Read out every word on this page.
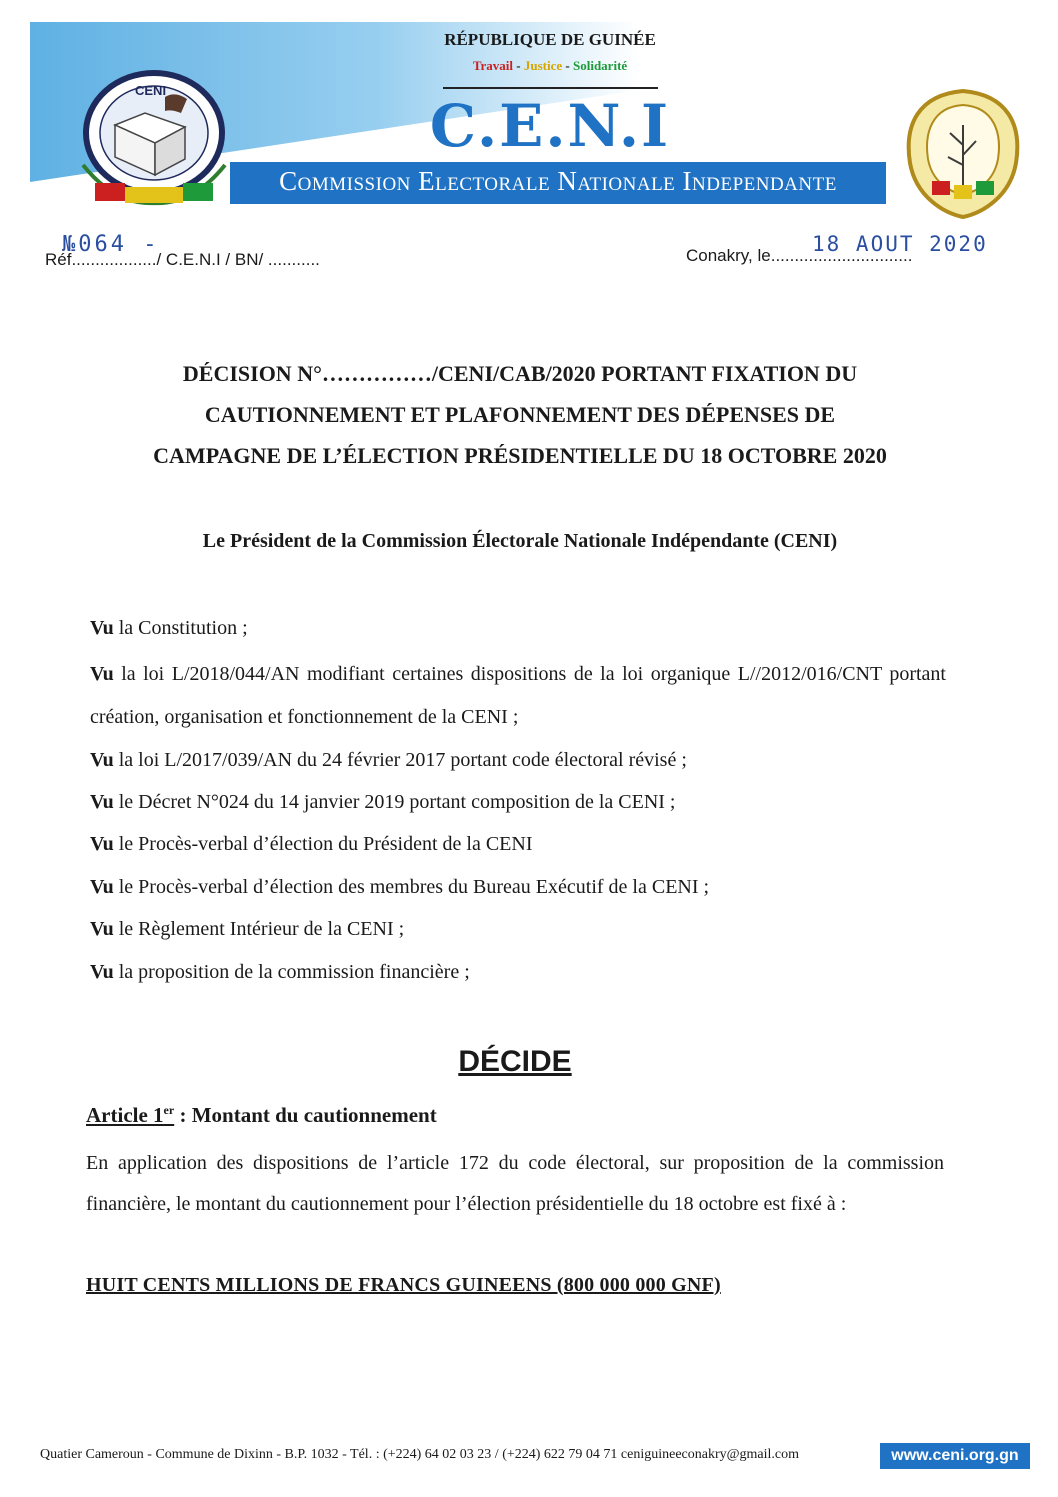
RÉPUBLIQUE DE GUINÉE
Travail - Justice - Solidarité
C.E.N.I
Commission Electorale Nationale Independante
CENI
№064 -
Réf................../ C.E.N.I / BN/ ...........
18 AOUT 2020
Conakry, le..............................
DÉCISION N°……………/CENI/CAB/2020 PORTANT FIXATION DU
CAUTIONNEMENT ET PLAFONNEMENT DES DÉPENSES DE
CAMPAGNE DE L’ÉLECTION PRÉSIDENTIELLE DU 18 OCTOBRE 2020
Le Président de la Commission Électorale Nationale Indépendante (CENI)
Vu la Constitution ;
Vu la loi L/2018/044/AN modifiant certaines dispositions de la loi organique L//2012/016/CNT portant création, organisation et fonctionnement de la CENI ;
Vu la loi L/2017/039/AN du 24 février 2017 portant code électoral révisé ;
Vu le Décret N°024 du 14 janvier 2019 portant composition de la CENI ;
Vu le Procès-verbal d’élection du Président de la CENI
Vu le Procès-verbal d’élection des membres du Bureau Exécutif de la CENI ;
Vu le Règlement Intérieur de la CENI ;
Vu la proposition de la commission financière ;
DÉCIDE
Article 1er : Montant du cautionnement
En application des dispositions de l’article 172 du code électoral, sur proposition de la commission financière, le montant du cautionnement pour l’élection présidentielle du 18 octobre est fixé à :
HUIT CENTS MILLIONS DE FRANCS GUINEENS (800 000 000 GNF)
Quatier Cameroun - Commune de Dixinn - B.P. 1032 - Tél. : (+224) 64 02 03 23 / (+224) 622 79 04 71 ceniguineeconakry@gmail.com	www.ceni.org.gn
